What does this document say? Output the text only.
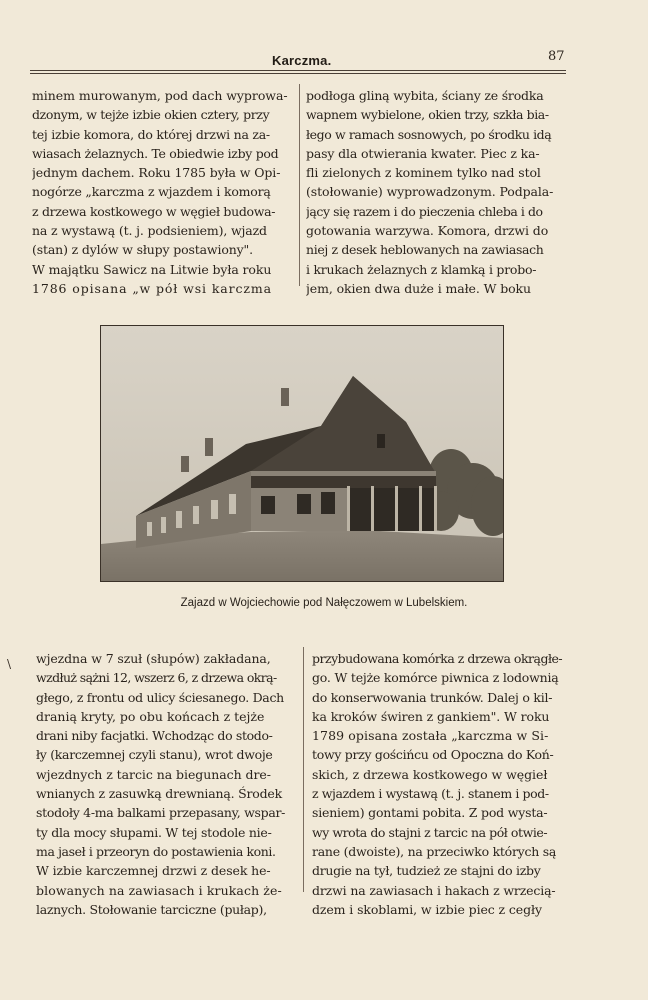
Karczma.	87
minem murowanym, pod dach wyprowa-
dzonym, w tejże izbie okien cztery, przy
tej izbie komora, do której drzwi na za-
wiasach żelaznych. Te obiedwie izby pod
jednym dachem. Roku 1785 była w Opi-
nogórze „karczma z wjazdem i komorą
z drzewa kostkowego w węgieł budowa-
na z wystawą (t. j. podsieniem), wjazd
(stan) z dylów w słupy postawiony".
W majątku Sawicz na Litwie była roku
1786 opisana „w pół wsi karczma
podłoga gliną wybita, ściany ze środka
wapnem wybielone, okien trzy, szkła bia-
łego w ramach sosnowych, po środku idą
pasy dla otwierania kwater. Piec z ka-
fli zielonych z kominem tylko nad stol
(stołowanie) wyprowadzonym. Podpala-
jący się razem i do pieczenia chleba i do
gotowania warzywa. Komora, drzwi do
niej z desek heblowanych na zawiasach
i krukach żelaznych z klamką i probo-
jem, okien dwa duże i małe. W boku
Zajazd w Wojciechowie pod Nałęczowem w Lubelskiem.
\ wjezdna w 7 szuł (słupów) zakładana,
wzdłuż sążni 12, wszerz 6, z drzewa okrą-
głego, z frontu od ulicy ściesanego. Dach
dranią kryty, po obu końcach z tejże
drani niby facjatki. Wchodząc do stodo-
ły (karczemnej czyli stanu), wrot dwoje
wjezdnych z tarcic na biegunach dre-
wnianych z zasuwką drewnianą. Środek
stodoły 4-ma balkami przepasany, wspar-
ty dla mocy słupami. W tej stodole nie-
ma jaseł i przeoryn do postawienia koni.
W izbie karczemnej drzwi z desek he-
blowanych na zawiasach i krukach że-
laznych. Stołowanie tarciczne (pułap),
przybudowana komórka z drzewa okrągłe-
go. W tejże komórce piwnica z lodownią
do konserwowania trunków. Dalej o kil-
ka kroków świren z gankiem". W roku
1789 opisana została „karczma w Si-
towy przy gościńcu od Opoczna do Koń-
skich, z drzewa kostkowego w węgieł
z wjazdem i wystawą (t. j. stanem i pod-
sieniem) gontami pobita. Z pod wysta-
wy wrota do stajni z tarcic na pół otwie-
rane (dwoiste), na przeciwko których są
drugie na tył, tudzież ze stajni do izby
drzwi na zawiasach i hakach z wrzecią-
dzem i skoblami, w izbie piec z cegły
